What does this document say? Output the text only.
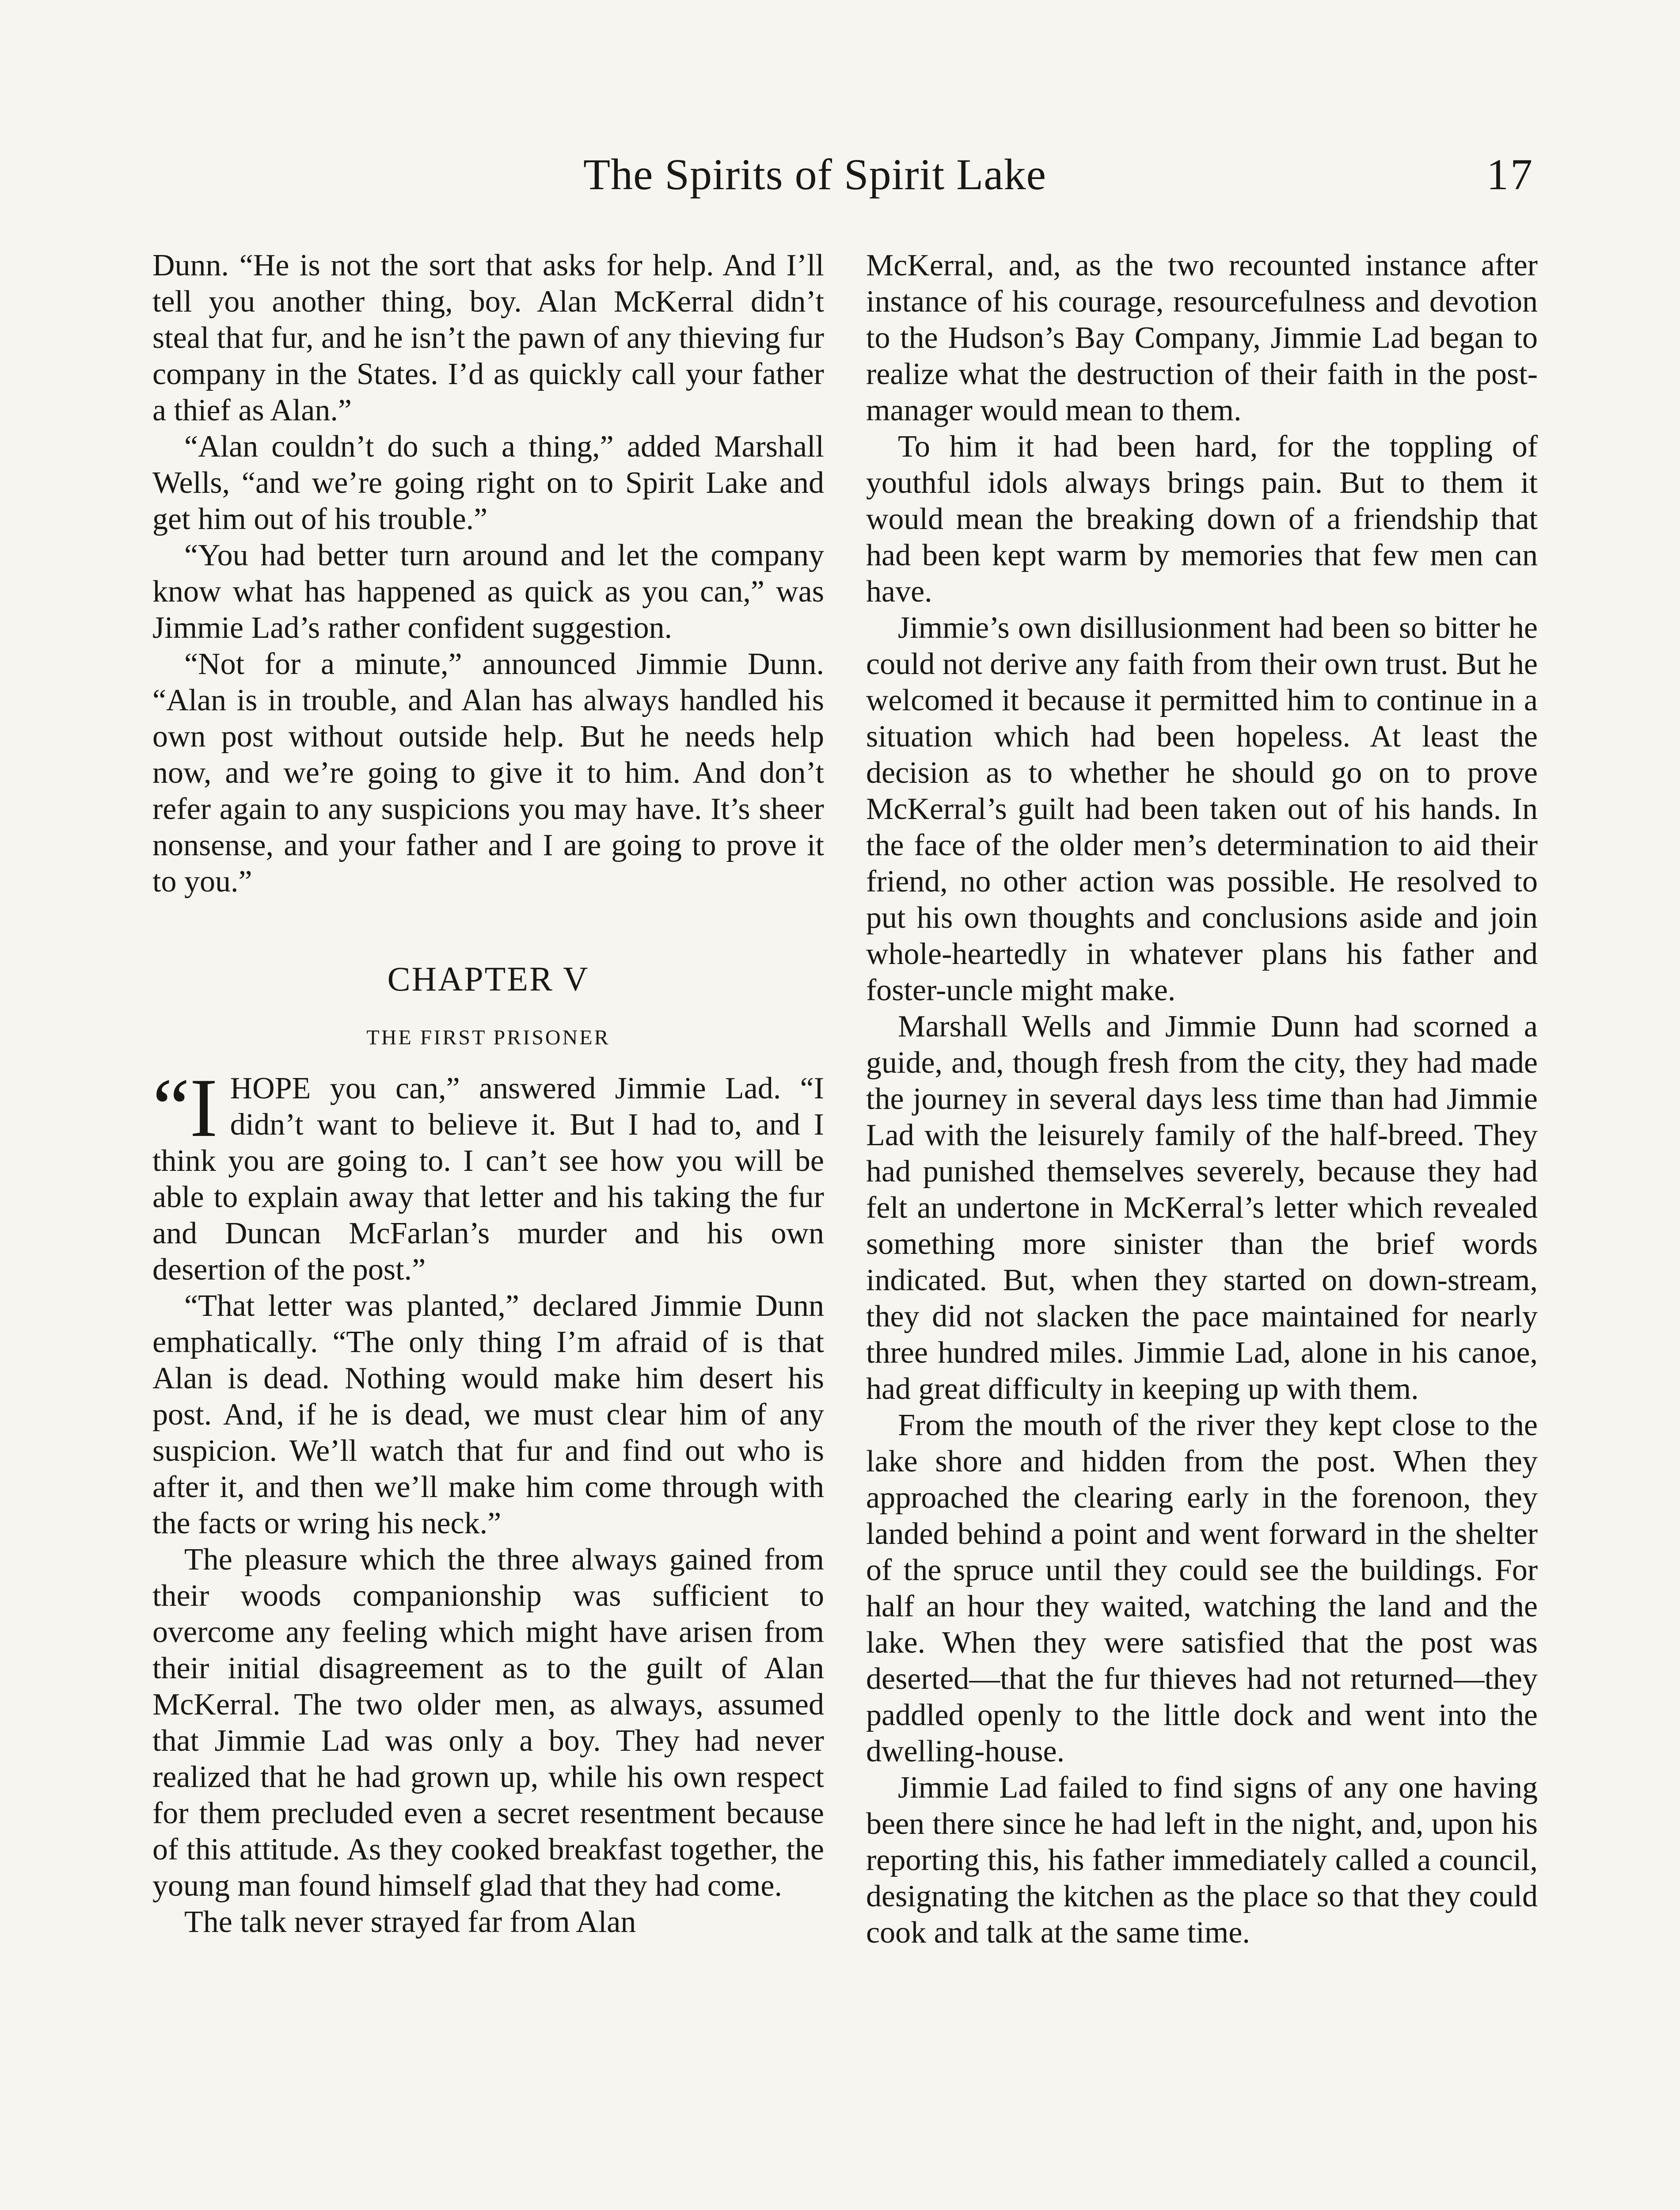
The Spirits of Spirit Lake	17

Dunn. “He is not the sort that asks for help. And I’ll tell you another thing, boy. Alan McKerral didn’t steal that fur, and he isn’t the pawn of any thieving fur company in the States. I’d as quickly call your father a thief as Alan.”

“Alan couldn’t do such a thing,” added Marshall Wells, “and we’re going right on to Spirit Lake and get him out of his trouble.”

“You had better turn around and let the company know what has happened as quick as you can,” was Jimmie Lad’s rather confident suggestion.

“Not for a minute,” announced Jimmie Dunn. “Alan is in trouble, and Alan has always handled his own post without outside help. But he needs help now, and we’re going to give it to him. And don’t refer again to any suspicions you may have. It’s sheer nonsense, and your father and I are going to prove it to you.”

CHAPTER V
THE FIRST PRISONER

“I HOPE you can,” answered Jimmie Lad. “I didn’t want to believe it. But I had to, and I think you are going to. I can’t see how you will be able to explain away that letter and his taking the fur and Duncan McFarlan’s murder and his own desertion of the post.”

“That letter was planted,” declared Jimmie Dunn emphatically. “The only thing I’m afraid of is that Alan is dead. Nothing would make him desert his post. And, if he is dead, we must clear him of any suspicion. We’ll watch that fur and find out who is after it, and then we’ll make him come through with the facts or wring his neck.”

The pleasure which the three always gained from their woods companionship was sufficient to overcome any feeling which might have arisen from their initial disagreement as to the guilt of Alan McKerral. The two older men, as always, assumed that Jimmie Lad was only a boy. They had never realized that he had grown up, while his own respect for them precluded even a secret resentment because of this attitude. As they cooked breakfast together, the young man found himself glad that they had come.

The talk never strayed far from Alan

McKerral, and, as the two recounted instance after instance of his courage, resourcefulness and devotion to the Hudson’s Bay Company, Jimmie Lad began to realize what the destruction of their faith in the post-manager would mean to them.

To him it had been hard, for the toppling of youthful idols always brings pain. But to them it would mean the breaking down of a friendship that had been kept warm by memories that few men can have.

Jimmie’s own disillusionment had been so bitter he could not derive any faith from their own trust. But he welcomed it because it permitted him to continue in a situation which had been hopeless. At least the decision as to whether he should go on to prove McKerral’s guilt had been taken out of his hands. In the face of the older men’s determination to aid their friend, no other action was possible. He resolved to put his own thoughts and conclusions aside and join whole-heartedly in whatever plans his father and foster-uncle might make.

Marshall Wells and Jimmie Dunn had scorned a guide, and, though fresh from the city, they had made the journey in several days less time than had Jimmie Lad with the leisurely family of the half-breed. They had punished themselves severely, because they had felt an undertone in McKerral’s letter which revealed something more sinister than the brief words indicated. But, when they started on down-stream, they did not slacken the pace maintained for nearly three hundred miles. Jimmie Lad, alone in his canoe, had great difficulty in keeping up with them.

From the mouth of the river they kept close to the lake shore and hidden from the post. When they approached the clearing early in the forenoon, they landed behind a point and went forward in the shelter of the spruce until they could see the buildings. For half an hour they waited, watching the land and the lake. When they were satisfied that the post was deserted—that the fur thieves had not returned—they paddled openly to the little dock and went into the dwelling-house.

Jimmie Lad failed to find signs of any one having been there since he had left in the night, and, upon his reporting this, his father immediately called a council, designating the kitchen as the place so that they could cook and talk at the same time.
